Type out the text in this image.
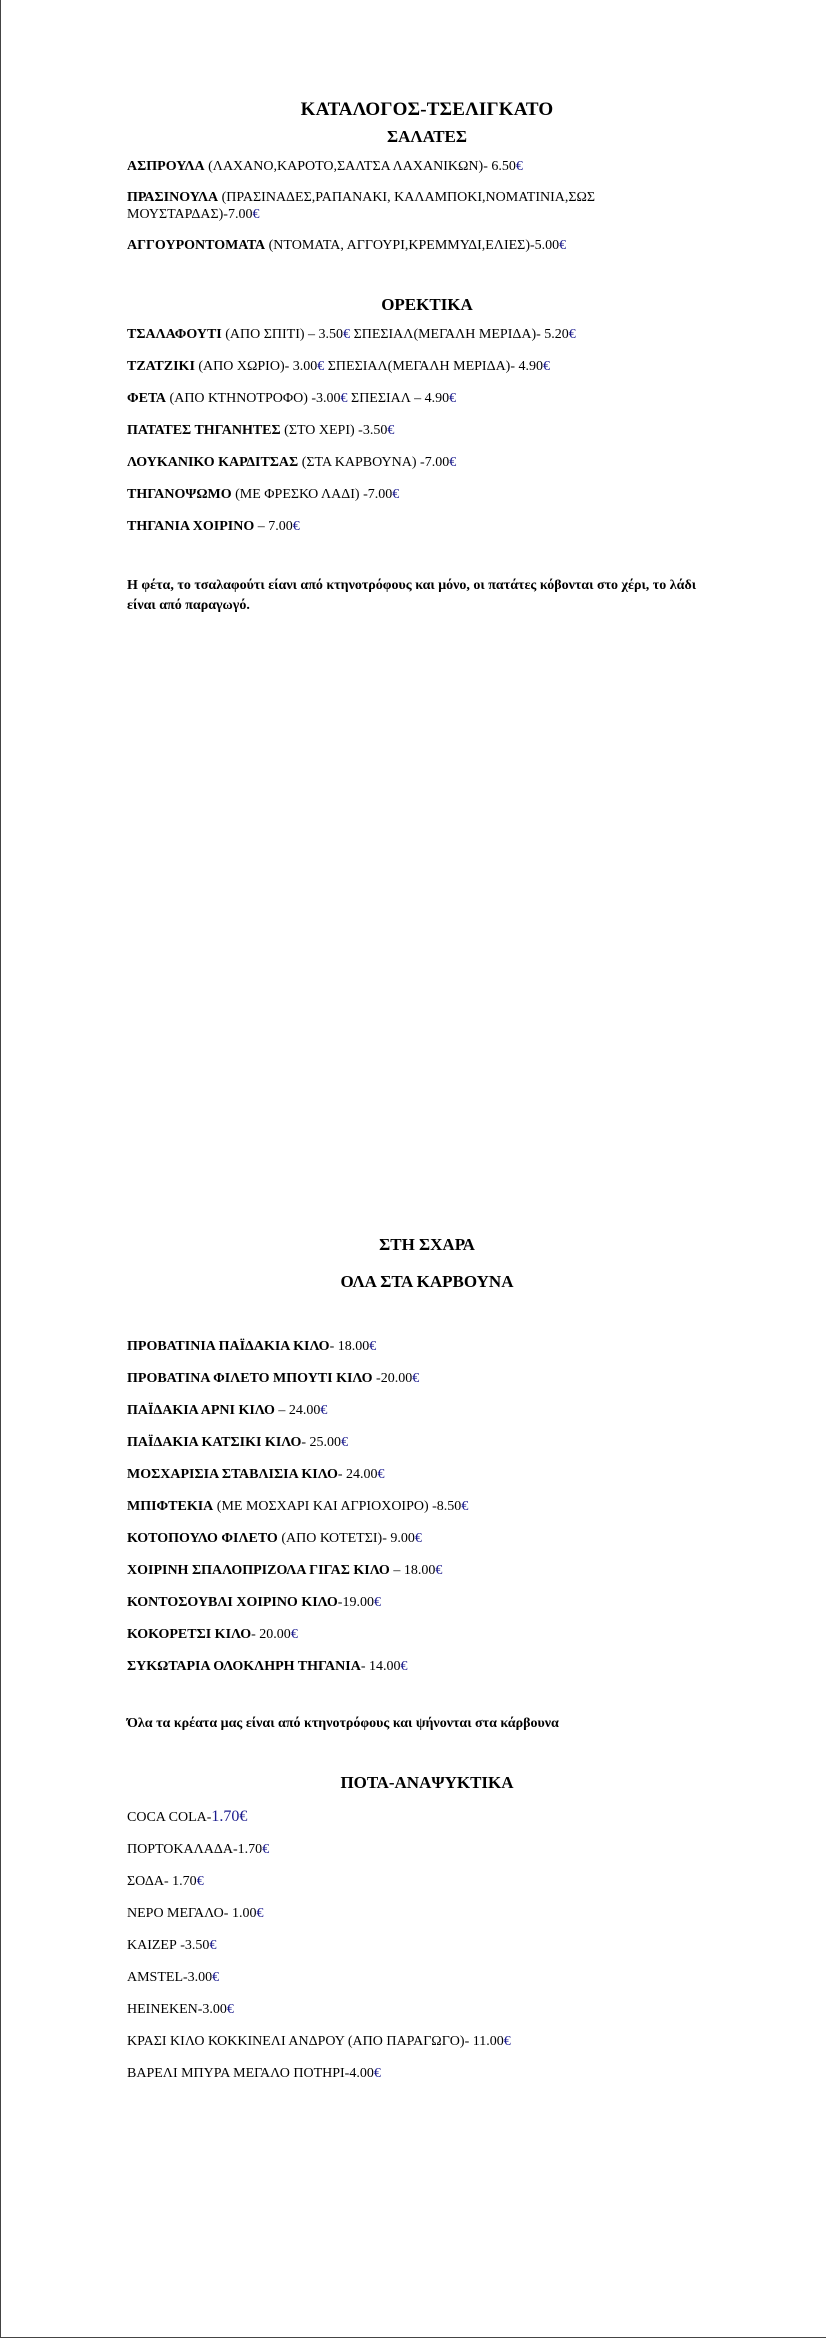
ΚΑΤΑΛΟΓΟΣ-ΤΣΕΛΙΓΚΑΤΟ
ΣΑΛΑΤΕΣ

ΑΣΠΡΟΥΛΑ (ΛΑΧΑΝΟ,ΚΑΡΟΤΟ,ΣΑΛΤΣΑ ΛΑΧΑΝΙΚΩΝ)- 6.50€

ΠΡΑΣΙΝΟΥΛΑ (ΠΡΑΣΙΝΑΔΕΣ,ΡΑΠΑΝΑΚΙ, ΚΑΛΑΜΠΟΚΙ,ΝΟΜΑΤΙΝΙΑ,ΣΩΣ ΜΟΥΣΤΑΡΔΑΣ)-7.00€

ΑΓΓΟΥΡΟΝΤΟΜΑΤΑ (ΝΤΟΜΑΤΑ, ΑΓΓΟΥΡΙ,ΚΡΕΜΜΥΔΙ,ΕΛΙΕΣ)-5.00€

ΟΡΕΚΤΙΚΑ

ΤΣΑΛΑΦΟΥΤΙ (ΑΠΟ ΣΠΙΤΙ) – 3.50€ ΣΠΕΣΙΑΛ(ΜΕΓΑΛΗ ΜΕΡΙΔΑ)- 5.20€

ΤΖΑΤΖΙΚΙ (ΑΠΟ ΧΩΡΙΟ)- 3.00€ ΣΠΕΣΙΑΛ(ΜΕΓΑΛΗ ΜΕΡΙΔΑ)- 4.90€

ΦΕΤΑ (ΑΠΟ ΚΤΗΝΟΤΡΟΦΟ) -3.00€ ΣΠΕΣΙΑΛ – 4.90€

ΠΑΤΑΤΕΣ ΤΗΓΑΝΗΤΕΣ (ΣΤΟ ΧΕΡΙ) -3.50€

ΛΟΥΚΑΝΙΚΟ ΚΑΡΔΙΤΣΑΣ (ΣΤΑ ΚΑΡΒΟΥΝΑ) -7.00€

ΤΗΓΑΝΟΨΩΜΟ (ΜΕ ΦΡΕΣΚΟ ΛΑΔΙ) -7.00€

ΤΗΓΑΝΙΑ ΧΟΙΡΙΝΟ – 7.00€

Η φέτα, το τσαλαφούτι είανι από κτηνοτρόφους και μόνο, οι πατάτες κόβονται στο χέρι, το λάδι είναι από παραγωγό.

ΣΤΗ ΣΧΑΡΑ
ΟΛΑ ΣΤΑ ΚΑΡΒΟΥΝΑ

ΠΡΟΒΑΤΙΝΙΑ ΠΑΪΔΑΚΙΑ ΚΙΛΟ- 18.00€

ΠΡΟΒΑΤΙΝΑ ΦΙΛΕΤΟ ΜΠΟΥΤΙ ΚΙΛΟ -20.00€

ΠΑΪΔΑΚΙΑ ΑΡΝΙ ΚΙΛΟ – 24.00€

ΠΑΪΔΑΚΙΑ ΚΑΤΣΙΚΙ ΚΙΛΟ- 25.00€

ΜΟΣΧΑΡΙΣΙΑ ΣΤΑΒΛΙΣΙΑ ΚΙΛΟ- 24.00€

ΜΠΙΦΤΕΚΙΑ (ΜΕ ΜΟΣΧΑΡΙ ΚΑΙ ΑΓΡΙΟΧΟΙΡΟ) -8.50€

ΚΟΤΟΠΟΥΛΟ ΦΙΛΕΤΟ (ΑΠΟ ΚΟΤΕΤΣΙ)- 9.00€

ΧΟΙΡΙΝΗ ΣΠΑΛΟΠΡΙΖΟΛΑ ΓΙΓΑΣ ΚΙΛΟ – 18.00€

ΚΟΝΤΟΣΟΥΒΛΙ ΧΟΙΡΙΝΟ ΚΙΛΟ-19.00€

ΚΟΚΟΡΕΤΣΙ ΚΙΛΟ- 20.00€

ΣΥΚΩΤΑΡΙΑ ΟΛΟΚΛΗΡΗ ΤΗΓΑΝΙΑ- 14.00€

Όλα τα κρέατα μας είναι από κτηνοτρόφους και ψήνονται στα κάρβουνα

ΠΟΤΑ-ΑΝΑΨΥΚΤΙΚΑ

COCA COLA-1.70€

ΠΟΡΤΟΚΑΛΑΔΑ-1.70€

ΣΟΔΑ- 1.70€

ΝΕΡΟ ΜΕΓΑΛΟ- 1.00€

ΚΑΙΖΕΡ -3.50€

AMSTEL-3.00€

HEINEKEN-3.00€

ΚΡΑΣΙ ΚΙΛΟ ΚΟΚΚΙΝΕΛΙ ΑΝΔΡΟΥ (ΑΠΟ ΠΑΡΑΓΩΓΟ)- 11.00€

ΒΑΡΕΛΙ ΜΠΥΡΑ ΜΕΓΑΛΟ ΠΟΤΗΡΙ-4.00€
